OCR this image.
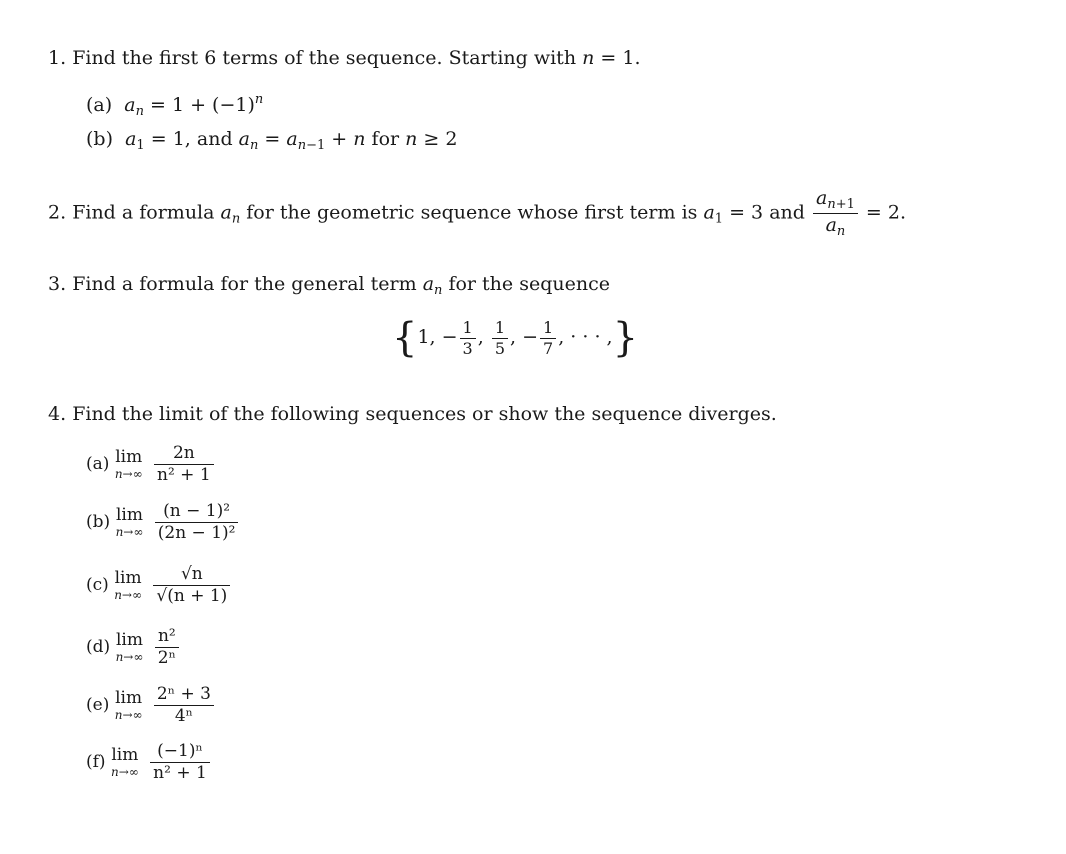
1. Find the first 6 terms of the sequence. Starting with n = 1.
(a) $a_n = 1 + (-1)^n$
(b) $a_1 = 1$, and $a_n = a_{n-1} + n$ for n ≥ 2
2. Find a formula $a_n$ for the geometric sequence whose first term is $a_1 = 3$ and $\frac{a_{n+1}}{a_n} = 2$.
3. Find a formula for the general term $a_n$ for the sequence
{1, − $\frac{1}{3}$ , $\frac{1}{5}$ , − $\frac{1}{7}$ , · · · ,}
4. Find the limit of the following sequences or show the sequence diverges.
(a) lim
n→∞
$\frac{2n}{\text{n² + 1}}$
(b) lim
n→∞
$\frac{\text{(n − 1)²}}{\text{(2n − 1)²}}$
(c) lim
n→∞
$\frac{√n}{√(n + 1)}$
(d) lim
n→∞
$\frac{\text{n²}}{\text{2ⁿ}}$
(e) lim
n→∞
$\frac{\text{2ⁿ + 3}}{\text{4ⁿ}}$
(f) lim
n→∞
$\frac{\text{(−1)ⁿ}}{\text{n² + 1}}$
